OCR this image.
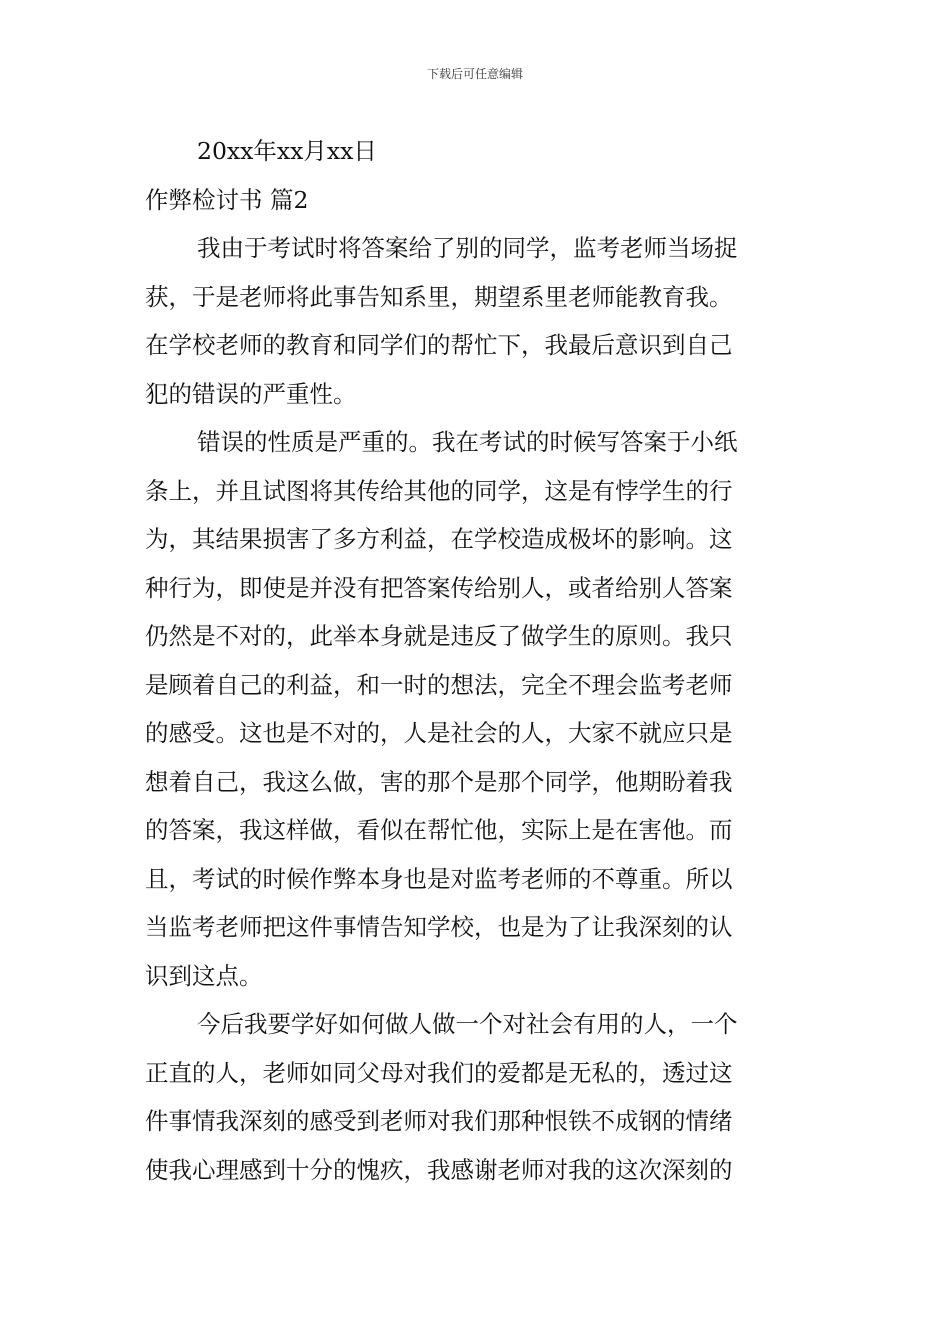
下载后可任意编辑
20xx年xx月xx日
作弊检讨书 篇2
我由于考试时将答案给了别的同学，监考老师当场捉
获，于是老师将此事告知系里，期望系里老师能教育我。
在学校老师的教育和同学们的帮忙下，我最后意识到自己
犯的错误的严重性。
错误的性质是严重的。我在考试的时候写答案于小纸
条上，并且试图将其传给其他的同学，这是有悖学生的行
为，其结果损害了多方利益，在学校造成极坏的影响。这
种行为，即使是并没有把答案传给别人，或者给别人答案
仍然是不对的，此举本身就是违反了做学生的原则。我只
是顾着自己的利益，和一时的想法，完全不理会监考老师
的感受。这也是不对的，人是社会的人，大家不就应只是
想着自己，我这么做，害的那个是那个同学，他期盼着我
的答案，我这样做，看似在帮忙他，实际上是在害他。而
且，考试的时候作弊本身也是对监考老师的不尊重。所以
当监考老师把这件事情告知学校，也是为了让我深刻的认
识到这点。
今后我要学好如何做人做一个对社会有用的人，一个
正直的人，老师如同父母对我们的爱都是无私的，透过这
件事情我深刻的感受到老师对我们那种恨铁不成钢的情绪
使我心理感到十分的愧疚，我感谢老师对我的这次深刻的
